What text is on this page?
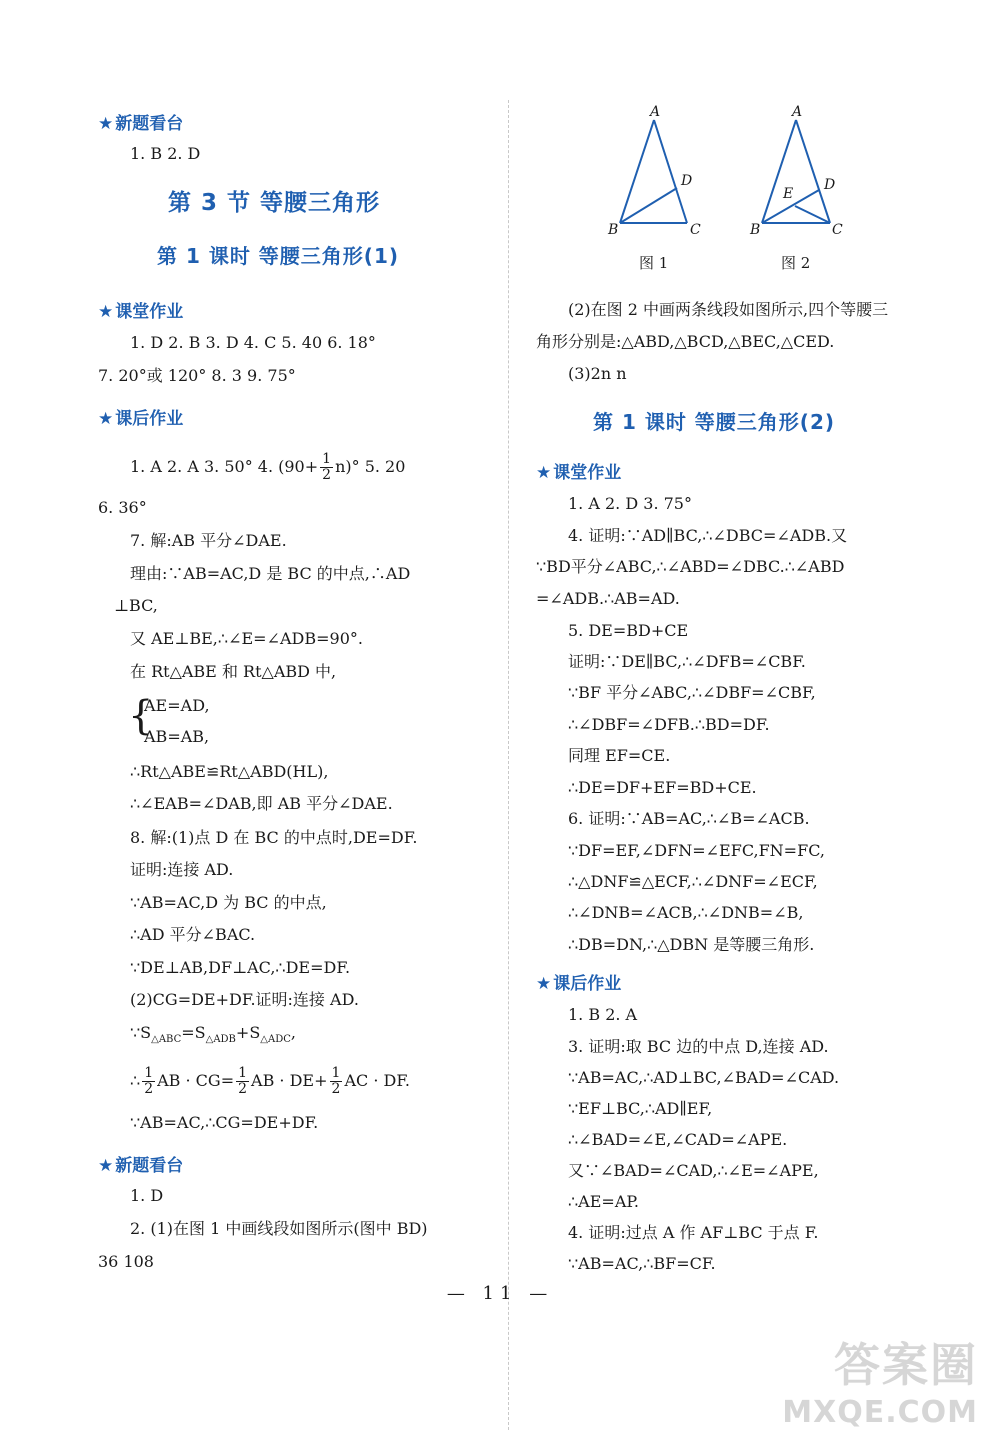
★ 新题看台
1. B 2. D
第 3 节 等腰三角形
第 1 课时 等腰三角形(1)
★ 课堂作业
1. D 2. B 3. D 4. C 5. 40 6. 18°
7. 20°或 120° 8. 3 9. 75°
★ 课后作业
1. A 2. A 3. 50° 4. $(90+ \frac{1}{2} n)^\circ$ 5. 20
6. 36°
7. 解:AB 平分∠DAE.
理由:∵AB=AC,D 是 BC 的中点,∴AD
⊥BC,
又 AE⊥BE,∴∠E=∠ADB=90°.
在 Rt△ABE 和 Rt△ABD 中,
{
AE=AD,
AB=AB,
∴Rt△ABE≌Rt△ABD(HL),
∴∠EAB=∠DAB,即 AB 平分∠DAE.
8. 解:(1)点 D 在 BC 的中点时,DE=DF.
证明:连接 AD.
∵AB=AC,D 为 BC 的中点,
∴AD 平分∠BAC.
∵DE⊥AB,DF⊥AC,∴DE=DF.
(2)CG=DE+DF.证明:连接 AD.
$\because S_{\triangle ABC}=S_{\triangle ADB}+S_{\triangle ADC}$,
∴ $\frac{1}{2}$ AB · $CG= \frac{1}{2}$ AB · $DE+ \frac{1}{2}$ AC · DF.
∵AB=AC,∴CG=DE+DF.
★ 新题看台
1. D
2. (1)在图 1 中画线段如图所示(图中 BD)
36 108
A
B	C
D
A
B	C
D
E
图 1	图 2
(2)在图 2 中画两条线段如图所示,四个等腰三
角形分别是:△ABD,△BCD,△BEC,△CED.
(3)2n n
第 1 课时 等腰三角形(2)
★ 课堂作业
1. A 2. D 3. 75°
4. 证明:∵AD∥BC,∴∠DBC=∠ADB.又
∵BD平分∠ABC,∴∠ABD=∠DBC.∴∠ABD
=∠ADB.∴AB=AD.
5. DE=BD+CE
证明:∵DE∥BC,∴∠DFB=∠CBF.
∵BF 平分∠ABC,∴∠DBF=∠CBF,
∴∠DBF=∠DFB.∴BD=DF.
同理 EF=CE.
∴DE=DF+EF=BD+CE.
6. 证明:∵AB=AC,∴∠B=∠ACB.
∵DF=EF,∠DFN=∠EFC,FN=FC,
∴△DNF≌△ECF,∴∠DNF=∠ECF,
∴∠DNB=∠ACB,∴∠DNB=∠B,
∴DB=DN,∴△DBN 是等腰三角形.
★ 课后作业
1. B 2. A
3. 证明:取 BC 边的中点 D,连接 AD.
∵AB=AC,∴AD⊥BC,∠BAD=∠CAD.
∵EF⊥BC,∴AD∥EF,
∴∠BAD=∠E,∠CAD=∠APE.
又∵∠BAD=∠CAD,∴∠E=∠APE,
∴AE=AP.
4. 证明:过点 A 作 AF⊥BC 于点 F.
∵AB=AC,∴BF=CF.
— 11 —
答案圈
MXQE.COM
